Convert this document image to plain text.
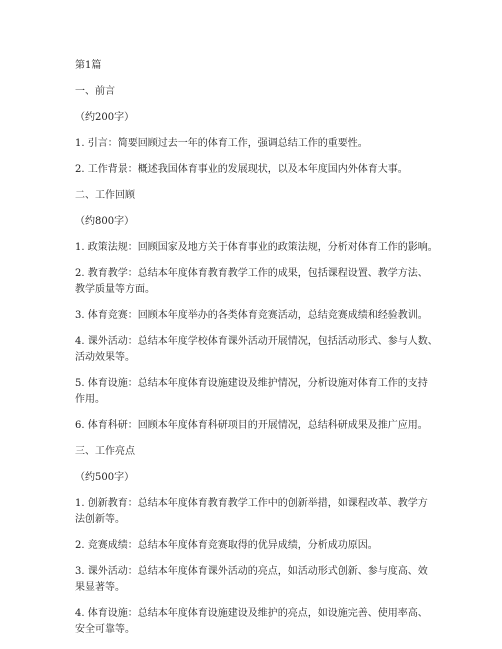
第1篇

一、前言

（约200字）

1. 引言：简要回顾过去一年的体育工作，强调总结工作的重要性。

2. 工作背景：概述我国体育事业的发展现状，以及本年度国内外体育大事。

二、工作回顾

（约800字）

1. 政策法规：回顾国家及地方关于体育事业的政策法规，分析对体育工作的影响。

2. 教育教学：总结本年度体育教育教学工作的成果，包括课程设置、教学方法、

教学质量等方面。

3. 体育竞赛：回顾本年度举办的各类体育竞赛活动，总结竞赛成绩和经验教训。

4. 课外活动：总结本年度学校体育课外活动开展情况，包括活动形式、参与人数、

活动效果等。

5. 体育设施：总结本年度体育设施建设及维护情况，分析设施对体育工作的支持

作用。

6. 体育科研：回顾本年度体育科研项目的开展情况，总结科研成果及推广应用。

三、工作亮点

（约500字）

1. 创新教育：总结本年度体育教育教学工作中的创新举措，如课程改革、教学方

法创新等。

2. 竞赛成绩：总结本年度体育竞赛取得的优异成绩，分析成功原因。

3. 课外活动：总结本年度体育课外活动的亮点，如活动形式创新、参与度高、效

果显著等。

4. 体育设施：总结本年度体育设施建设及维护的亮点，如设施完善、使用率高、

安全可靠等。
